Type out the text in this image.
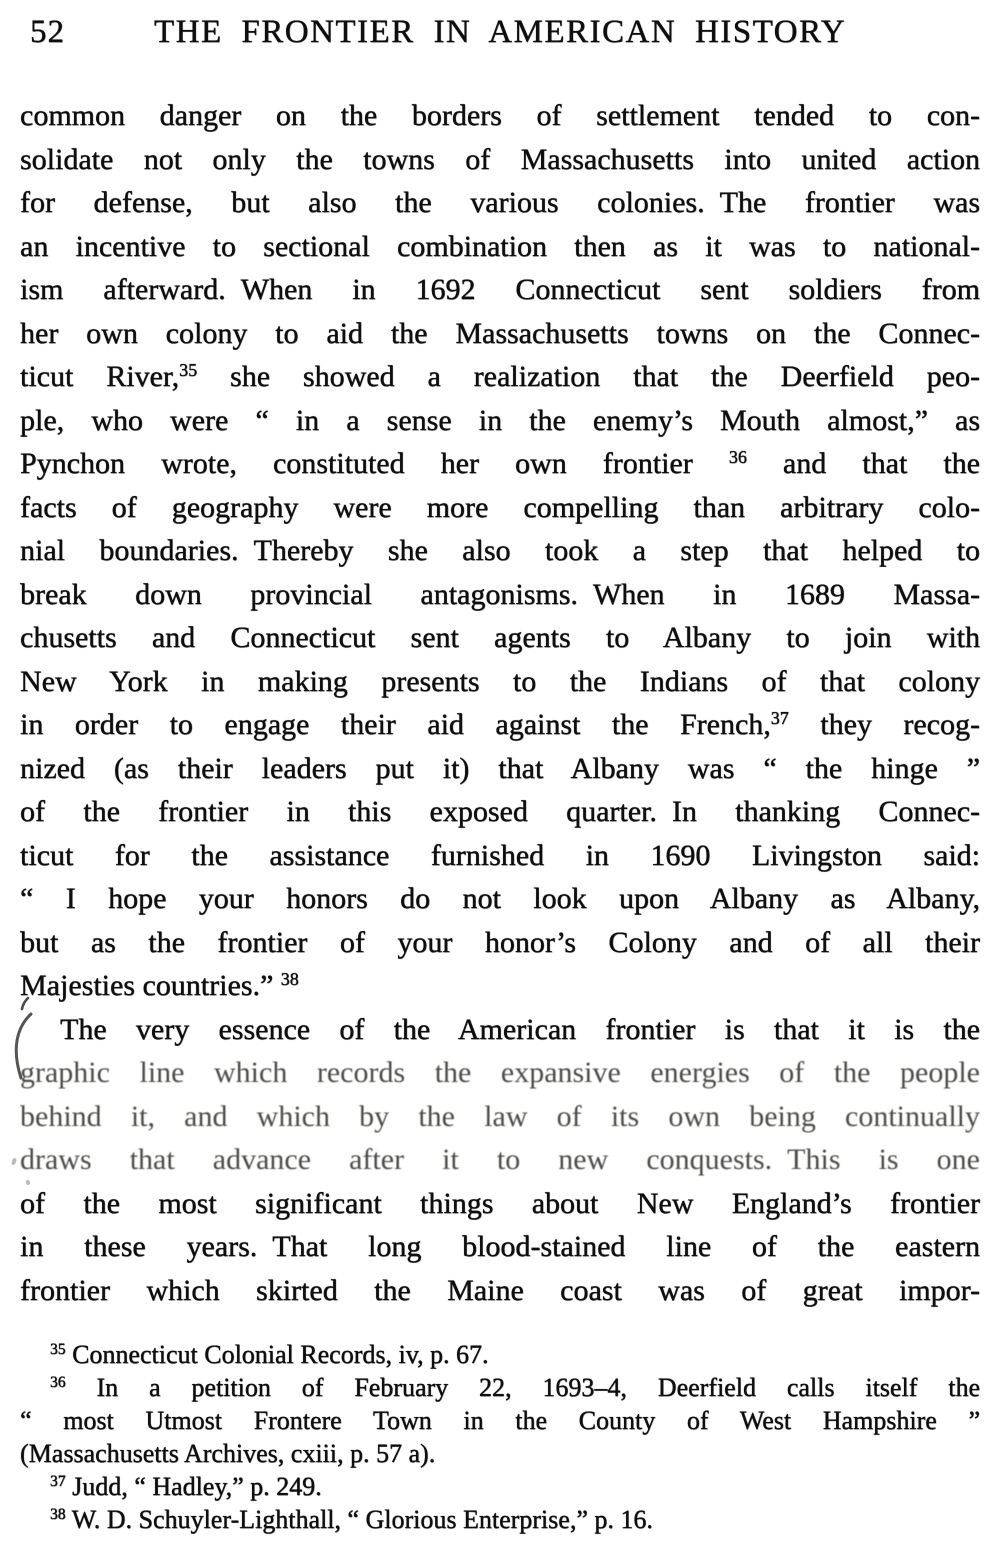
52	THE FRONTIER IN AMERICAN HISTORY
common danger on the borders of settlement tended to con-
solidate not only the towns of Massachusetts into united action
for defense, but also the various colonies. The frontier was
an incentive to sectional combination then as it was to national-
ism afterward. When in 1692 Connecticut sent soldiers from
her own colony to aid the Massachusetts towns on the Connec-
ticut River,$^{35}$ she showed a realization that the Deerfield peo-
ple, who were “ in a sense in the enemy’s Mouth almost,” as
Pynchon wrote, constituted her own frontier $^{36}$ and that the
facts of geography were more compelling than arbitrary colo-
nial boundaries. Thereby she also took a step that helped to
break down provincial antagonisms. When in 1689 Massa-
chusetts and Connecticut sent agents to Albany to join with
New York in making presents to the Indians of that colony
in order to engage their aid against the French,$^{37}$ they recog-
nized (as their leaders put it) that Albany was “ the hinge ”
of the frontier in this exposed quarter. In thanking Connec-
ticut for the assistance furnished in 1690 Livingston said:
“ I hope your honors do not look upon Albany as Albany,
but as the frontier of your honor’s Colony and of all their
Majesties countries.” $^{38}$
The very essence of the American frontier is that it is the
graphic line which records the expansive energies of the people
behind it, and which by the law of its own being continually
draws that advance after it to new conquests. This is one
of the most significant things about New England’s frontier
in these years. That long blood-stained line of the eastern
frontier which skirted the Maine coast was of great impor-
$^{35}$ Connecticut Colonial Records, iv, p. 67.
$^{36}$ In a petition of February 22, 1693–4, Deerfield calls itself the
“ most Utmost Frontere Town in the County of West Hampshire ”
(Massachusetts Archives, cxiii, p. 57 a).
$^{37}$ Judd, “ Hadley,” p. 249.
$^{38}$ W. D. Schuyler-Lighthall, “ Glorious Enterprise,” p. 16.
